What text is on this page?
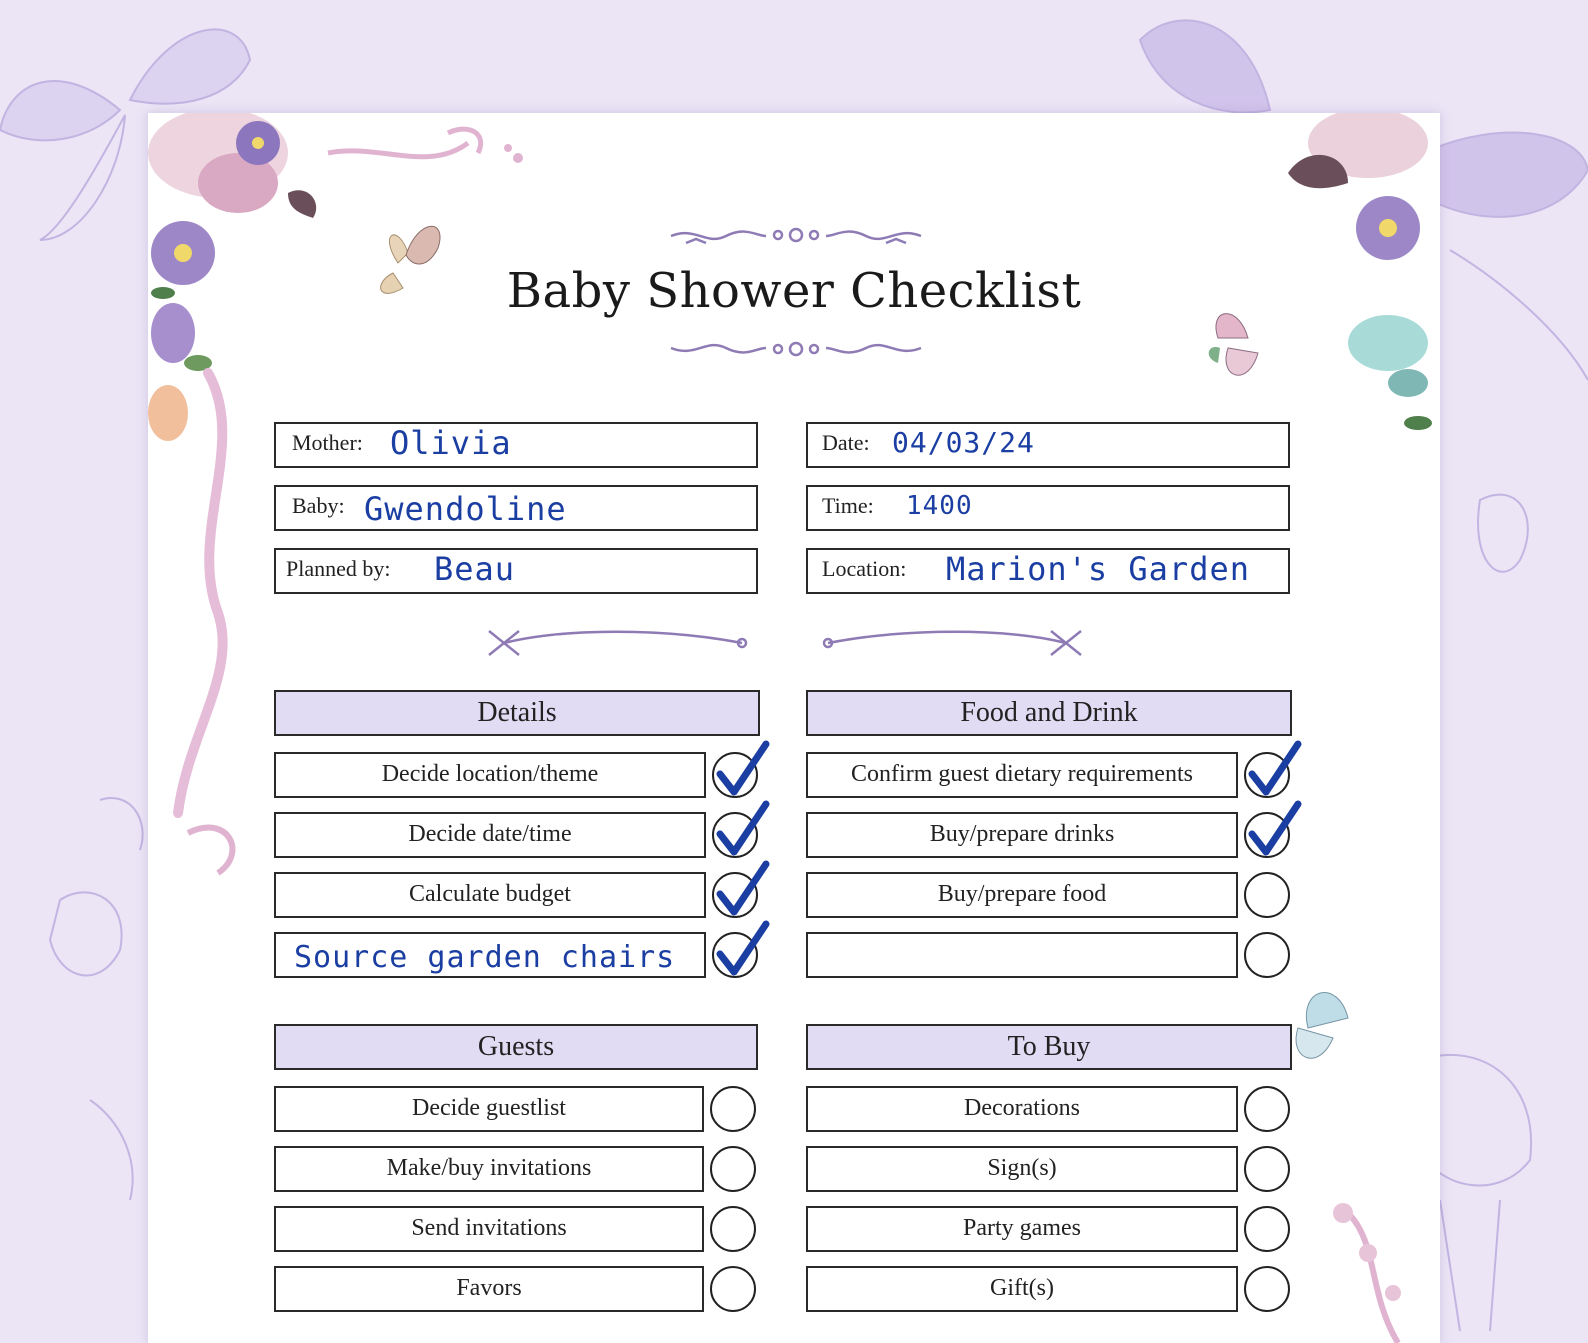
Baby Shower Checklist
Mother: Olivia
Baby: Gwendoline
Planned by: Beau
Date: 04/03/24
Time: 1400
Location: Marion's Garden
Details	Food and Drink
Guests	To Buy
Decide location/theme
Decide date/time
Calculate budget
Source garden chairs
Confirm guest dietary requirements
Buy/prepare drinks
Buy/prepare food
Decide guestlist
Make/buy invitations
Send invitations
Favors
Decorations
Sign(s)
Party games
Gift(s)
